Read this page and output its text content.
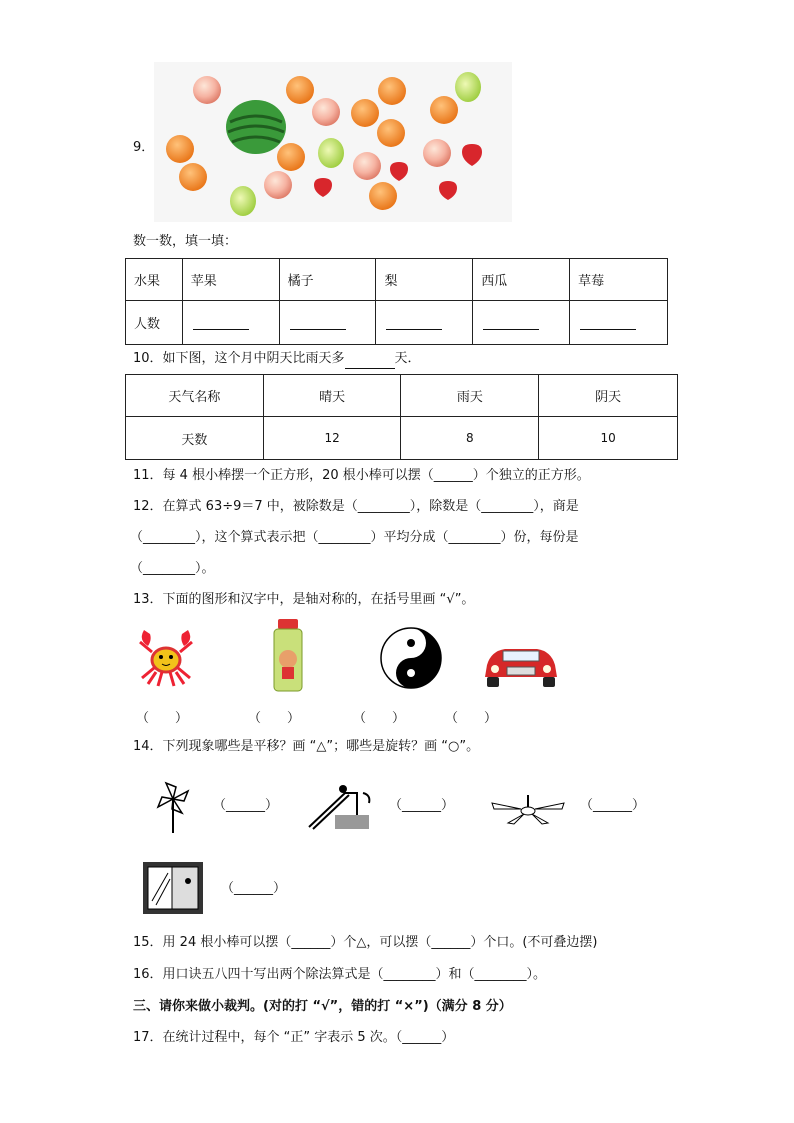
9．
数一数，填一填：
水果	苹果	橘子	梨	西瓜	草莓
人数					
10．如下图，这个月中阴天比雨天多	天．
天气名称	晴天	雨天	阴天
天数	12	8	10
11．每 4 根小棒摆一个正方形，20 根小棒可以摆（______）个独立的正方形。
12．在算式 63÷9＝7 中，被除数是（________），除数是（________），商是
（________），这个算式表示把（________）平均分成（________）份，每份是
（________）。
13．下面的图形和汉字中，是轴对称的，在括号里画 “√”。
（　　）	（　　）	（　　）	（　　）
14．下列现象哪些是平移？画 “△”；哪些是旋转？画 “○”。
（______）	（______）	（______）
（______）
15．用 24 根小棒可以摆（______）个△，可以摆（______）个口。(不可叠边摆)
16．用口诀五八四十写出两个除法算式是（________）和（________）。
三、请你来做小裁判。(对的打 “√”，错的打 “×”)（满分 8 分）
17．在统计过程中，每个 “正” 字表示 5 次。（______）
